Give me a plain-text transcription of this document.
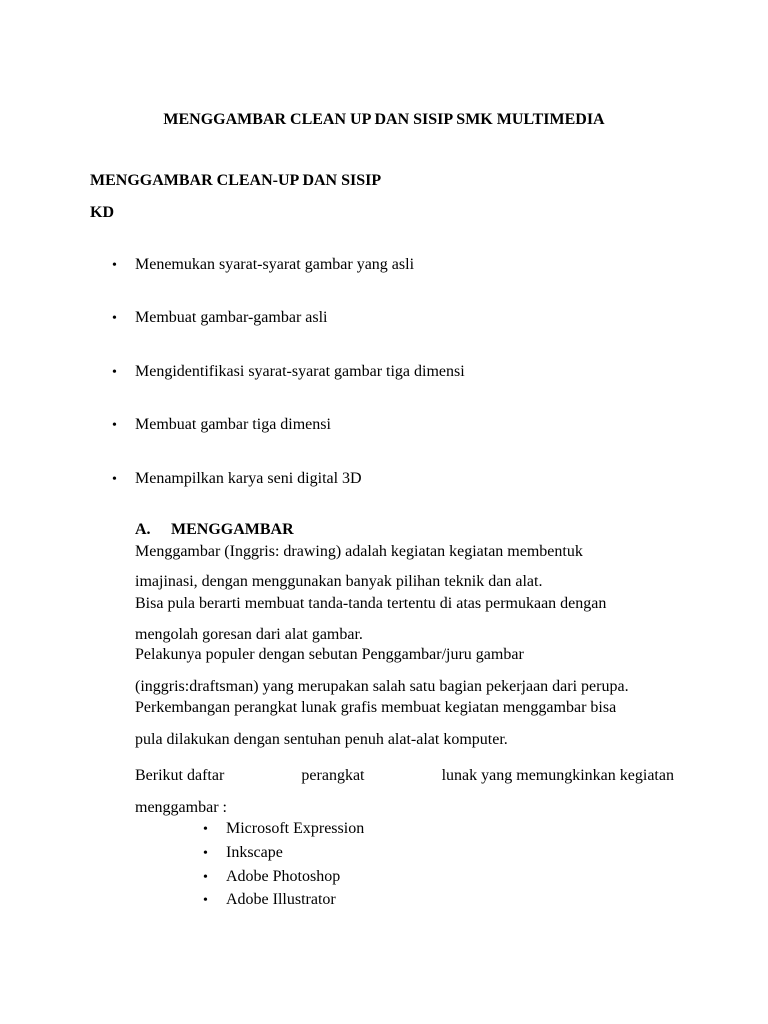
MENGGAMBAR CLEAN UP DAN SISIP SMK MULTIMEDIA
MENGGAMBAR CLEAN-UP DAN SISIP
KD
• Menemukan syarat-syarat gambar yang asli
• Membuat gambar-gambar asli
• Mengidentifikasi syarat-syarat gambar tiga dimensi
• Membuat gambar tiga dimensi
• Menampilkan karya seni digital 3D
A. MENGGAMBAR
Menggambar (Inggris: drawing) adalah kegiatan kegiatan membentuk
imajinasi, dengan menggunakan banyak pilihan teknik dan alat.
Bisa pula berarti membuat tanda-tanda tertentu di atas permukaan dengan
mengolah goresan dari alat gambar.
Pelakunya populer dengan sebutan Penggambar/juru gambar
(inggris:draftsman) yang merupakan salah satu bagian pekerjaan dari perupa.
Perkembangan perangkat lunak grafis membuat kegiatan menggambar bisa
pula dilakukan dengan sentuhan penuh alat-alat komputer.
Berikut daftar	perangkat	lunak yang memungkinkan kegiatan
menggambar :
• Microsoft Expression
• Inkscape
• Adobe Photoshop
• Adobe Illustrator
